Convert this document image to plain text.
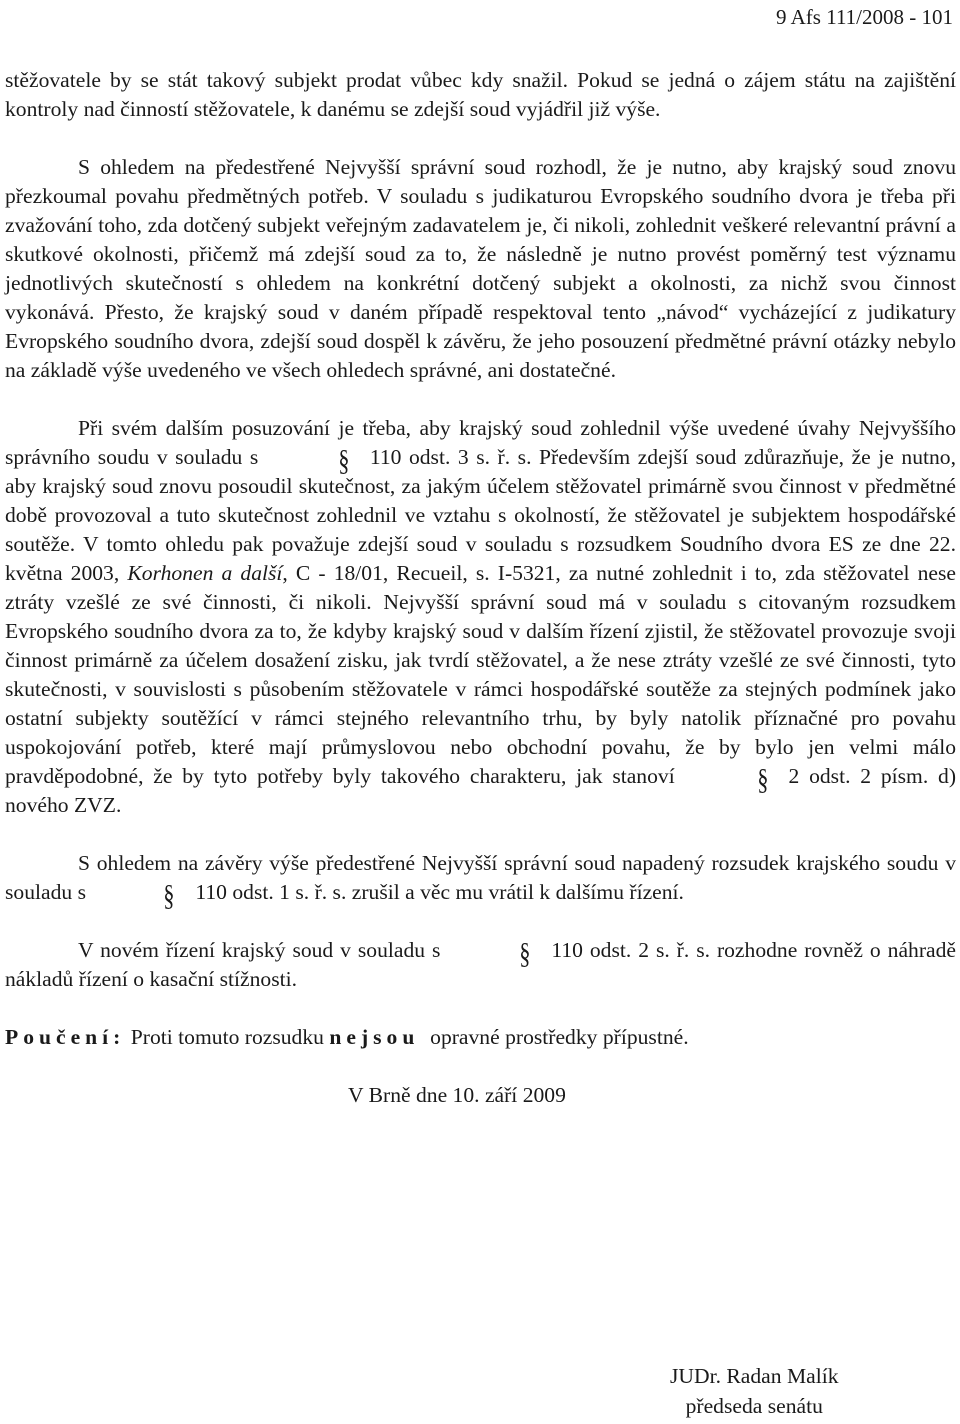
9 Afs 111/2008 - 101

stěžovatele by se stát takový subjekt prodat vůbec kdy snažil. Pokud se jedná o zájem státu na zajištění kontroly nad činností stěžovatele, k danému se zdejší soud vyjádřil již výše.

S ohledem na předestřené Nejvyšší správní soud rozhodl, že je nutno, aby krajský soud znovu přezkoumal povahu předmětných potřeb. V souladu s judikaturou Evropského soudního dvora je třeba při zvažování toho, zda dotčený subjekt veřejným zadavatelem je, či nikoli, zohlednit veškeré relevantní právní a skutkové okolnosti, přičemž má zdejší soud za to, že následně je nutno provést poměrný test významu jednotlivých skutečností s ohledem na konkrétní dotčený subjekt a okolnosti, za nichž svou činnost vykonává. Přesto, že krajský soud v daném případě respektoval tento „návod“ vycházející z judikatury Evropského soudního dvora, zdejší soud dospěl k závěru, že jeho posouzení předmětné právní otázky nebylo na základě výše uvedeného ve všech ohledech správné, ani dostatečné.

Při svém dalším posuzování je třeba, aby krajský soud zohlednil výše uvedené úvahy Nejvyššího správního soudu v souladu s	§ 110 odst. 3 s. ř. s. Především zdejší soud zdůrazňuje, že je nutno, aby krajský soud znovu posoudil skutečnost, za jakým účelem stěžovatel primárně svou činnost v předmětné době provozoval a tuto skutečnost zohlednil ve vztahu s okolností, že stěžovatel je subjektem hospodářské soutěže. V tomto ohledu pak považuje zdejší soud v souladu s rozsudkem Soudního dvora ES ze dne 22. května 2003, Korhonen a další, C - 18/01, Recueil, s. I-5321, za nutné zohlednit i to, zda stěžovatel nese ztráty vzešlé ze své činnosti, či nikoli. Nejvyšší správní soud má v souladu s citovaným rozsudkem Evropského soudního dvora za to, že kdyby krajský soud v dalším řízení zjistil, že stěžovatel provozuje svoji činnost primárně za účelem dosažení zisku, jak tvrdí stěžovatel, a že nese ztráty vzešlé ze své činnosti, tyto skutečnosti, v souvislosti s působením stěžovatele v rámci hospodářské soutěže za stejných podmínek jako ostatní subjekty soutěžící v rámci stejného relevantního trhu, by byly natolik příznačné pro povahu uspokojování potřeb, které mají průmyslovou nebo obchodní povahu, že by bylo jen velmi málo pravděpodobné, že by tyto potřeby byly takového charakteru, jak stanoví	§ 2 odst. 2 písm. d) nového ZVZ.

S ohledem na závěry výše předestřené Nejvyšší správní soud napadený rozsudek krajského soudu v souladu s	§ 110 odst. 1 s. ř. s. zrušil a věc mu vrátil k dalšímu řízení.

V novém řízení krajský soud v souladu s	§ 110 odst. 2 s. ř. s. rozhodne rovněž o náhradě nákladů řízení o kasační stížnosti.

Poučení: Proti tomuto rozsudku nejsou opravné prostředky přípustné.

V Brně dne 10. září 2009

JUDr. Radan Malík
předseda senátu
